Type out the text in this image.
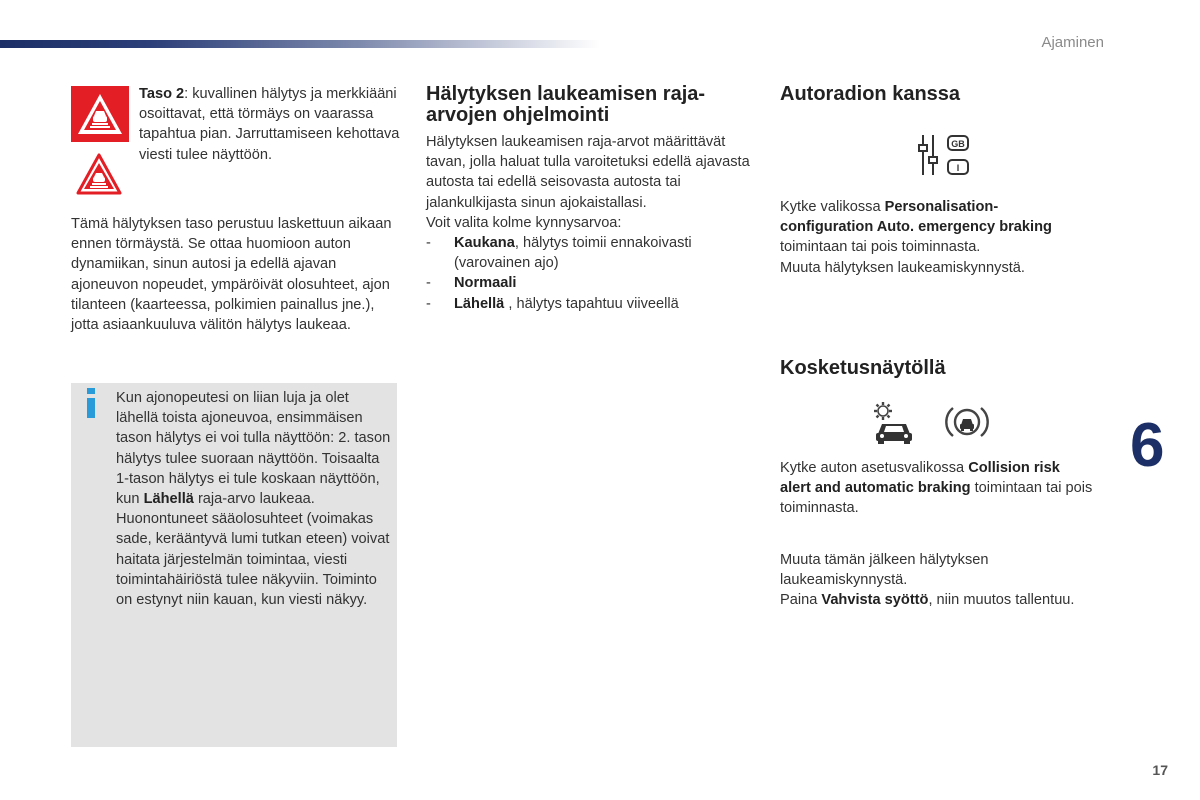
Ajaminen

Taso 2: kuvallinen hälytys ja merkkiääni osoittavat, että törmäys on vaarassa tapahtua pian. Jarruttamiseen kehottava viesti tulee näyttöön.

Tämä hälytyksen taso perustuu laskettuun aikaan ennen törmäystä. Se ottaa huomioon auton dynamiikan, sinun autosi ja edellä ajavan ajoneuvon nopeudet, ympäröivät olosuhteet, ajon tilanteen (kaarteessa, polkimien painallus jne.), jotta asiaankuuluva välitön hälytys laukeaa.

Kun ajonopeutesi on liian luja ja olet lähellä toista ajoneuvoa, ensimmäisen tason hälytys ei voi tulla näyttöön: 2. tason hälytys tulee suoraan näyttöön. Toisaalta 1-tason hälytys ei tule koskaan näyttöön, kun Lähellä raja-arvo laukeaa.

Huonontuneet sääolosuhteet (voimakas sade, kerääntyvä lumi tutkan eteen) voivat haitata järjestelmän toimintaa, viesti toimintahäiriöstä tulee näkyviin. Toiminto on estynyt niin kauan, kun viesti näkyy.

Hälytyksen laukeamisen raja-arvojen ohjelmointi

Hälytyksen laukeamisen raja-arvot määrittävät tavan, jolla haluat tulla varoitetuksi edellä ajavasta autosta tai edellä seisovasta autosta tai jalankulkijasta sinun ajokaistallasi.

Voit valita kolme kynnysarvoa:

-	Kaukana, hälytys toimii ennakoivasti (varovainen ajo)
-	Normaali
-	Lähellä , hälytys tapahtuu viiveellä
Autoradion kanssa
GB
I

Kytke valikossa Personalisation-configuration Auto. emergency braking toimintaan tai pois toiminnasta.

Muuta hälytyksen laukeamiskynnystä.

Kosketusnäytöllä

Kytke auton asetusvalikossa Collision risk alert and automatic braking toimintaan tai pois toiminnasta.

Muuta tämän jälkeen hälytyksen laukeamiskynnystä.

Paina Vahvista syöttö, niin muutos tallentuu.

6
17
